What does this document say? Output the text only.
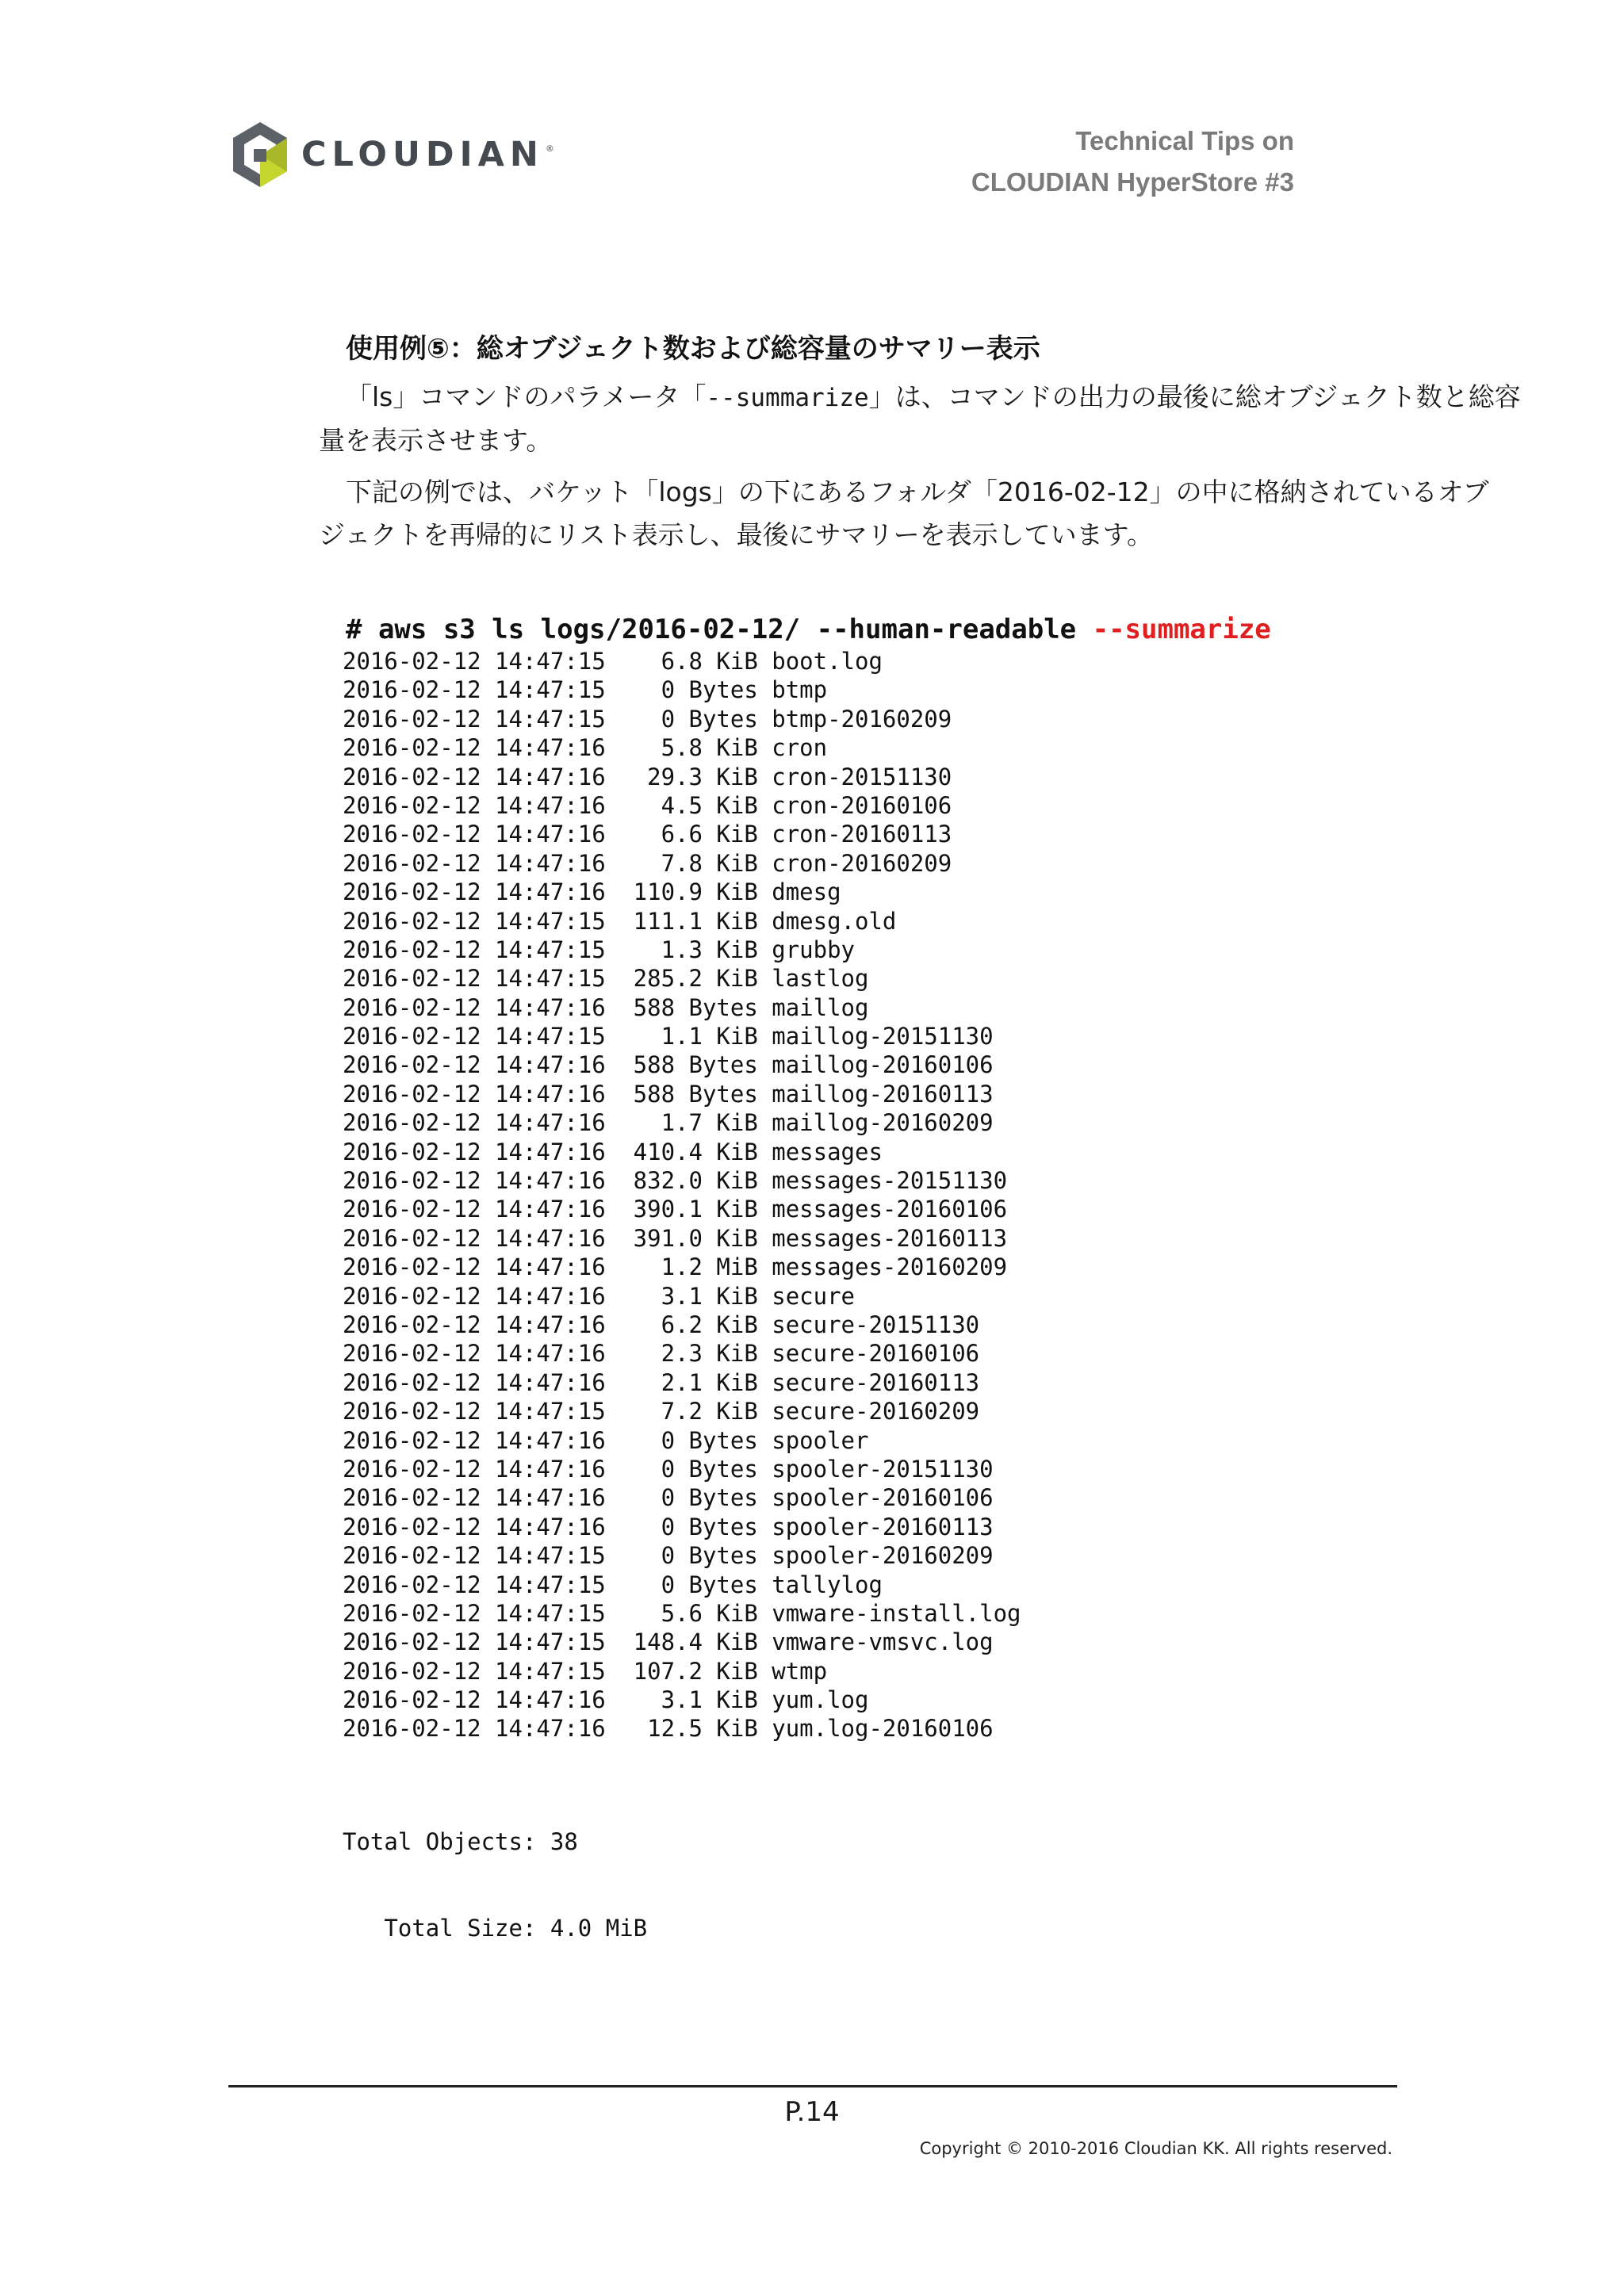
CLOUDIAN ®	Technical Tips on
CLOUDIAN HyperStore #3
使用例⑤：総オブジェクト数および総容量のサマリー表示
「ls」コマンドのパラメータ「--summarize」は、コマンドの出力の最後に総オブジェクト数と総容
量を表示させます。
下記の例では、バケット「logs」の下にあるフォルダ「2016-02-12」の中に格納されているオブ
ジェクトを再帰的にリスト表示し、最後にサマリーを表示しています。
# aws s3 ls logs/2016-02-12/ --human-readable --summarize
2016-02-12 14:47:15    6.8 KiB boot.log
2016-02-12 14:47:15    0 Bytes btmp
2016-02-12 14:47:15    0 Bytes btmp-20160209
2016-02-12 14:47:16    5.8 KiB cron
2016-02-12 14:47:16   29.3 KiB cron-20151130
2016-02-12 14:47:16    4.5 KiB cron-20160106
2016-02-12 14:47:16    6.6 KiB cron-20160113
2016-02-12 14:47:16    7.8 KiB cron-20160209
2016-02-12 14:47:16  110.9 KiB dmesg
2016-02-12 14:47:15  111.1 KiB dmesg.old
2016-02-12 14:47:15    1.3 KiB grubby
2016-02-12 14:47:15  285.2 KiB lastlog
2016-02-12 14:47:16  588 Bytes maillog
2016-02-12 14:47:15    1.1 KiB maillog-20151130
2016-02-12 14:47:16  588 Bytes maillog-20160106
2016-02-12 14:47:16  588 Bytes maillog-20160113
2016-02-12 14:47:16    1.7 KiB maillog-20160209
2016-02-12 14:47:16  410.4 KiB messages
2016-02-12 14:47:16  832.0 KiB messages-20151130
2016-02-12 14:47:16  390.1 KiB messages-20160106
2016-02-12 14:47:16  391.0 KiB messages-20160113
2016-02-12 14:47:16    1.2 MiB messages-20160209
2016-02-12 14:47:16    3.1 KiB secure
2016-02-12 14:47:16    6.2 KiB secure-20151130
2016-02-12 14:47:16    2.3 KiB secure-20160106
2016-02-12 14:47:16    2.1 KiB secure-20160113
2016-02-12 14:47:15    7.2 KiB secure-20160209
2016-02-12 14:47:16    0 Bytes spooler
2016-02-12 14:47:16    0 Bytes spooler-20151130
2016-02-12 14:47:16    0 Bytes spooler-20160106
2016-02-12 14:47:16    0 Bytes spooler-20160113
2016-02-12 14:47:15    0 Bytes spooler-20160209
2016-02-12 14:47:15    0 Bytes tallylog
2016-02-12 14:47:15    5.6 KiB vmware-install.log
2016-02-12 14:47:15  148.4 KiB vmware-vmsvc.log
2016-02-12 14:47:15  107.2 KiB wtmp
2016-02-12 14:47:16    3.1 KiB yum.log
2016-02-12 14:47:16   12.5 KiB yum.log-20160106

Total Objects: 38

Total Size: 4.0 MiB

P.14
Copyright © 2010-2016 Cloudian KK. All rights reserved.
